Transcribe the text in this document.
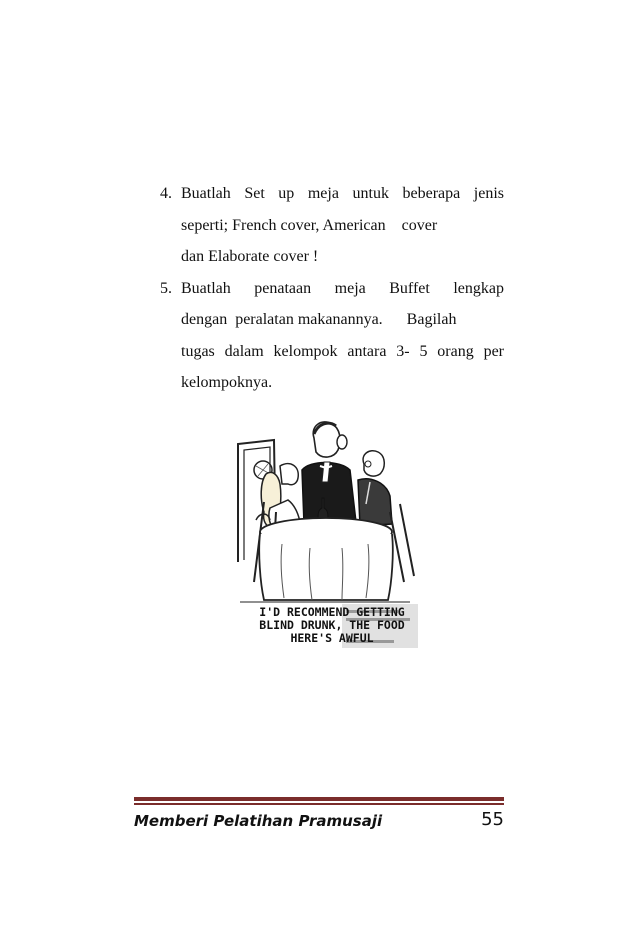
4. Buatlah Set up meja untuk beberapa jenis
seperti; French cover, American    cover
dan Elaborate cover !
5. Buatlah penataan meja Buffet lengkap
dengan  peralatan makanannya.      Bagilah
tugas dalam kelompok antara 3- 5 orang per
kelompoknya.
I'D RECOMMEND GETTING
BLIND DRUNK, THE FOOD
HERE'S AWFUL
Memberi Pelatihan Pramusaji	55
